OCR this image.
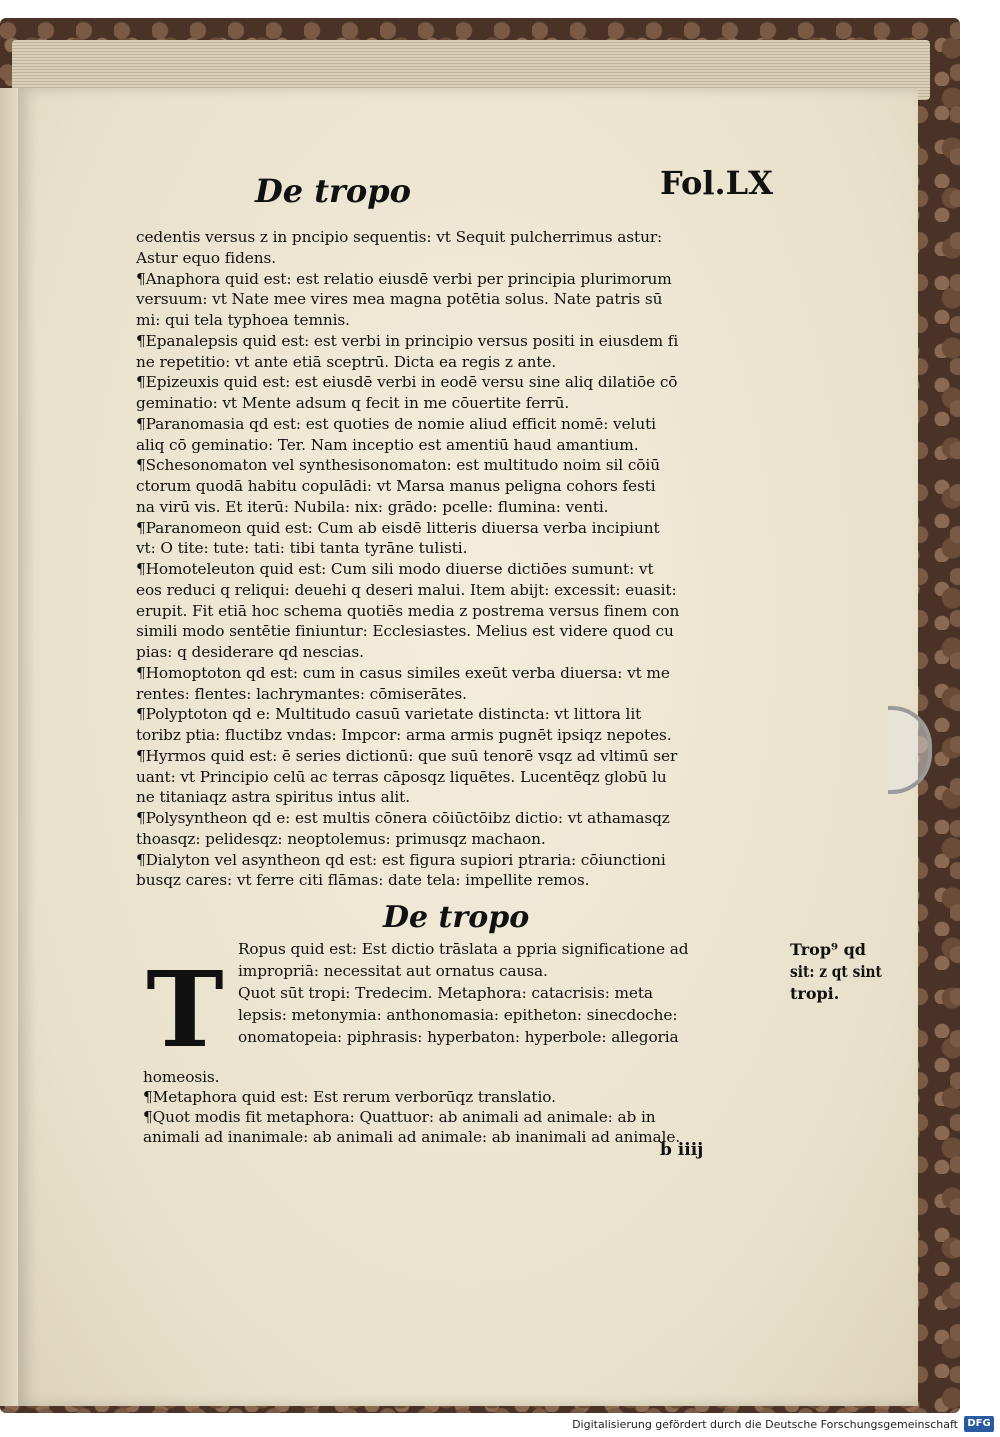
De tropo	Fol.LX
cedentis versus z in pncipio sequentis: vt Sequit pulcherrimus astur:
Astur equo fidens.
¶Anaphora quid est: est relatio eiusdē verbi per principia plurimorum
versuum: vt Nate mee vires mea magna potētia solus. Nate patris sū
mi: qui tela typhoea temnis.
¶Epanalepsis quid est: est verbi in principio versus positi in eiusdem fi
ne repetitio: vt ante etiā sceptrū. Dicta ea regis z ante.
¶Epizeuxis quid est: est eiusdē verbi in eodē versu sine aliq dilatiōe cō
geminatio: vt Mente adsum q fecit in me cōuertite ferrū.
¶Paranomasia qd est: est quoties de nomie aliud efficit nomē: veluti
aliq cō geminatio: Ter. Nam inceptio est amentiū haud amantium.
¶Schesonomaton vel synthesisonomaton: est multitudo noim sil cōiū
ctorum quodā habitu copulādi: vt Marsa manus peligna cohors festi
na virū vis. Et iterū: Nubila: nix: grādo: pcelle: flumina: venti.
¶Paranomeon quid est: Cum ab eisdē litteris diuersa verba incipiunt
vt: O tite: tute: tati: tibi tanta tyrāne tulisti.
¶Homoteleuton quid est: Cum sili modo diuerse dictiōes sumunt: vt
eos reduci q reliqui: deuehi q deseri malui. Item abijt: excessit: euasit:
erupit. Fit etiā hoc schema quotiēs media z postrema versus finem con
simili modo sentētie finiuntur: Ecclesiastes. Melius est videre quod cu
pias: q desiderare qd nescias.
¶Homoptoton qd est: cum in casus similes exeūt verba diuersa: vt me
rentes: flentes: lachrymantes: cōmiserātes.
¶Polyptoton qd e: Multitudo casuū varietate distincta: vt littora lit
toribz ptia: fluctibz vndas: Impcor: arma armis pugnēt ipsiqz nepotes.
¶Hyrmos quid est: ē series dictionū: que suū tenorē vsqz ad vltimū ser
uant: vt Principio celū ac terras cāposqz liquētes. Lucentēqz globū lu
ne titaniaqz astra spiritus intus alit.
¶Polysyntheon qd e: est multis cōnera cōiūctōibz dictio: vt athamasqz
thoasqz: pelidesqz: neoptolemus: primusqz machaon.
¶Dialyton vel asyntheon qd est: est figura supiori ptraria: cōiunctioni
busqz cares: vt ferre citi flāmas: date tela: impellite remos.
De tropo
T Ropus quid est: Est dictio trāslata a ppria significatione ad
impropriā: necessitat aut ornatus causa.
Quot sūt tropi: Tredecim. Metaphora: catacrisis: meta
lepsis: metonymia: anthonomasia: epitheton: sinecdoche:
onomatopeia: piphrasis: hyperbaton: hyperbole: allegoria
homeosis.
¶Metaphora quid est: Est rerum verborūqz translatio.
¶Quot modis fit metaphora: Quattuor: ab animali ad animale: ab in
animali ad inanimale: ab animali ad animale: ab inanimali ad animale.
Trop⁹ qd
sit: z qt sint
tropi.
b iiij
Digitalisierung gefördert durch die Deutsche Forschungsgemeinschaft DFG
